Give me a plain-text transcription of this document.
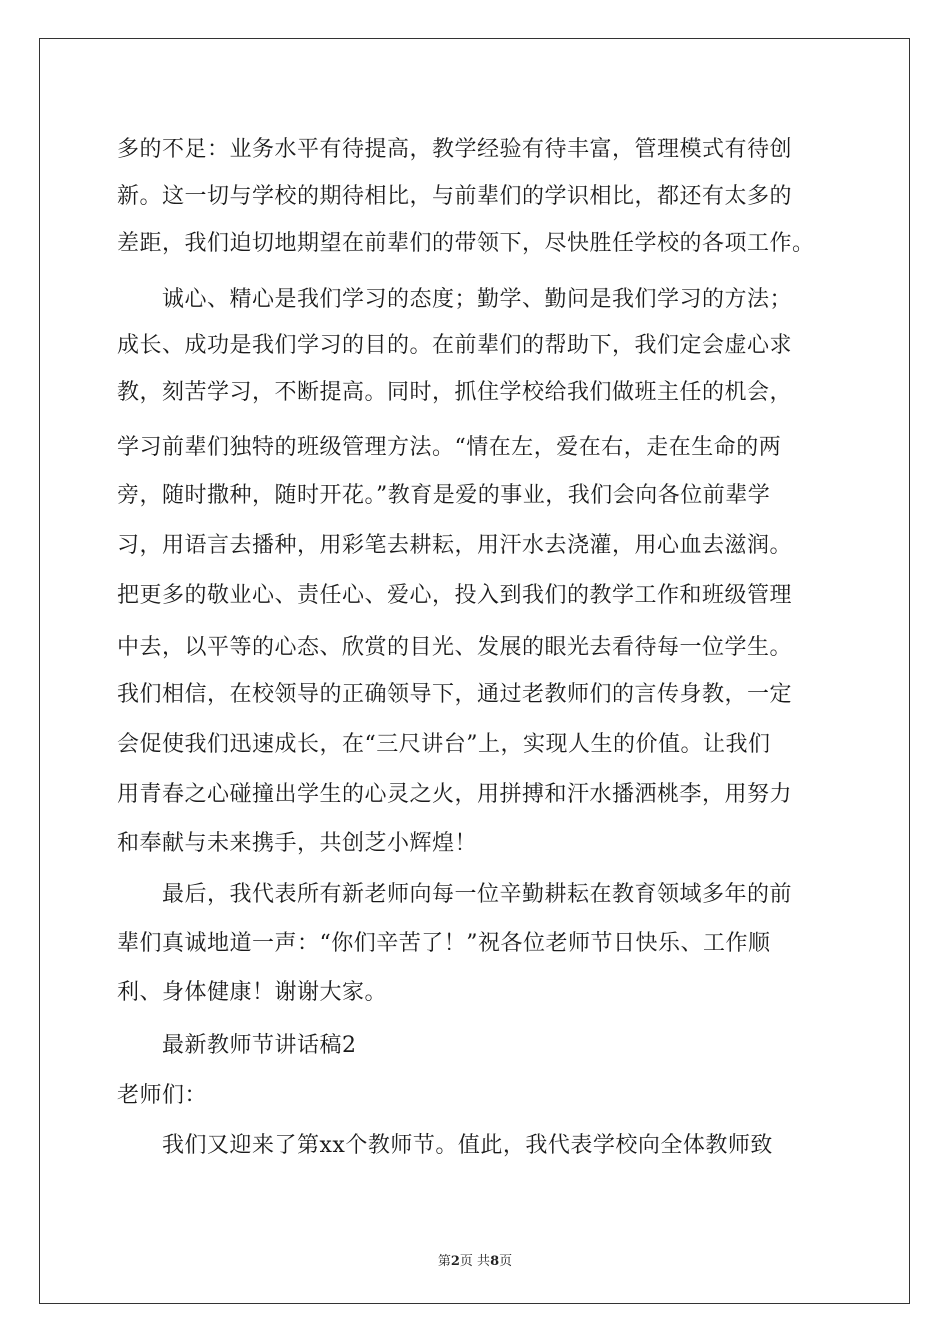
多的不足：业务水平有待提高，教学经验有待丰富，管理模式有待创
新。这一切与学校的期待相比，与前辈们的学识相比，都还有太多的
差距，我们迫切地期望在前辈们的带领下，尽快胜任学校的各项工作。
诚心、精心是我们学习的态度；勤学、勤问是我们学习的方法；
成长、成功是我们学习的目的。在前辈们的帮助下，我们定会虚心求
教，刻苦学习，不断提高。同时，抓住学校给我们做班主任的机会，
学习前辈们独特的班级管理方法。“情在左，爱在右，走在生命的两
旁，随时撒种，随时开花。”教育是爱的事业，我们会向各位前辈学
习，用语言去播种，用彩笔去耕耘，用汗水去浇灌，用心血去滋润。
把更多的敬业心、责任心、爱心，投入到我们的教学工作和班级管理
中去，以平等的心态、欣赏的目光、发展的眼光去看待每一位学生。
我们相信，在校领导的正确领导下，通过老教师们的言传身教，一定
会促使我们迅速成长，在“三尺讲台”上，实现人生的价值。让我们
用青春之心碰撞出学生的心灵之火，用拼搏和汗水播洒桃李，用努力
和奉献与未来携手，共创芝小辉煌！
最后，我代表所有新老师向每一位辛勤耕耘在教育领域多年的前
辈们真诚地道一声：“你们辛苦了！”祝各位老师节日快乐、工作顺
利、身体健康！谢谢大家。
最新教师节讲话稿2
老师们：
我们又迎来了第xx个教师节。值此，我代表学校向全体教师致
第2页 共8页
